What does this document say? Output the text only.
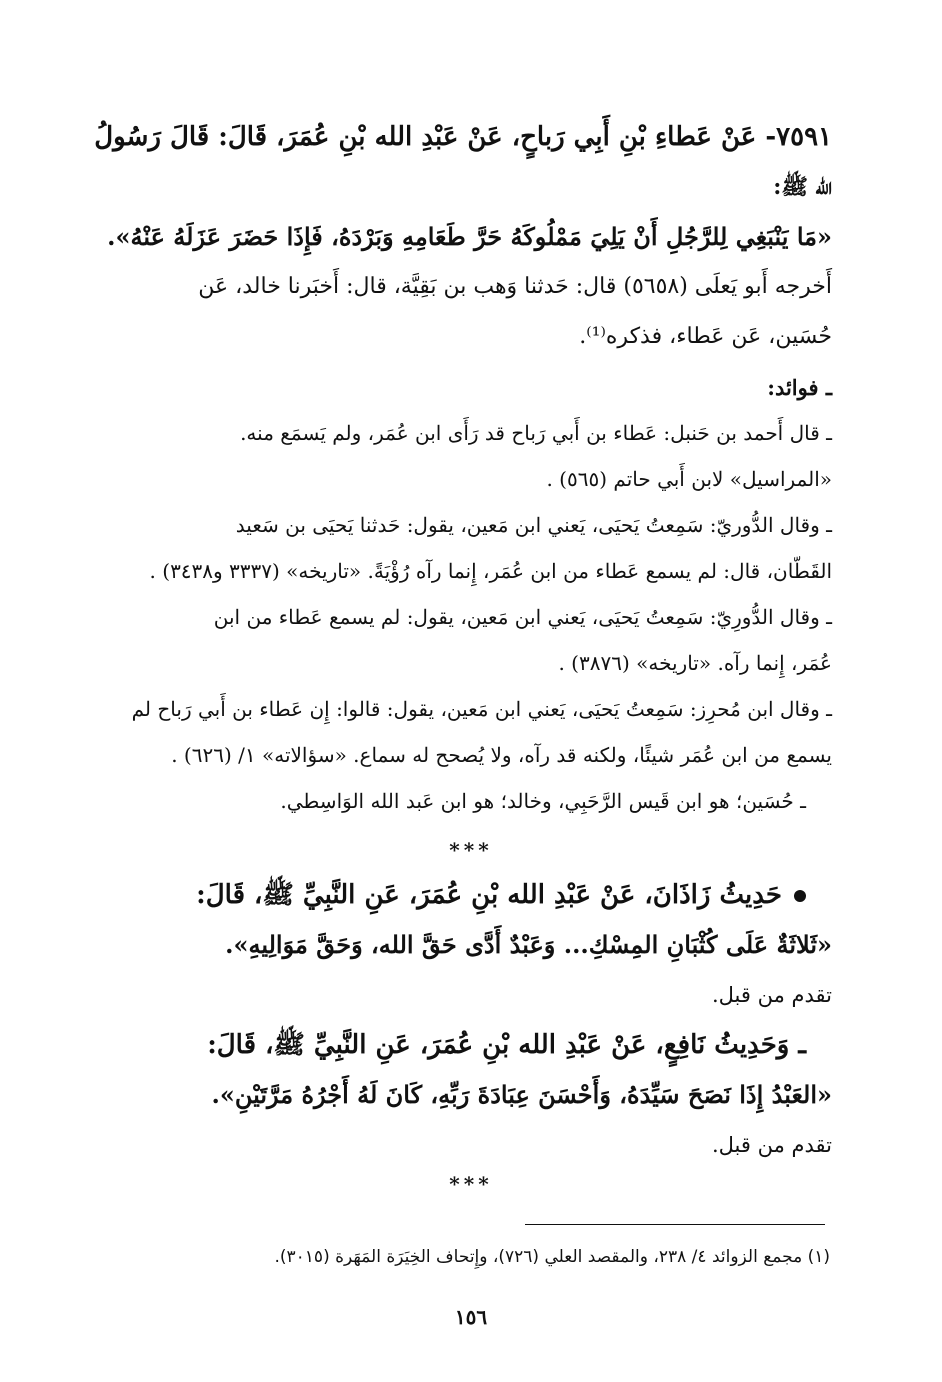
٧٥٩١- عَنْ عَطاءِ بْنِ أَبِي رَباحٍ، عَنْ عَبْدِ الله بْنِ عُمَرَ، قَالَ: قَالَ رَسُولُ
الله ﷺ:
«مَا يَنْبَغِي لِلرَّجُلِ أَنْ يَلِيَ مَمْلُوكَهُ حَرَّ طَعَامِهِ وَبَرْدَهُ، فَإِذَا حَضَرَ عَزَلَهُ عَنْهُ».
أَخرجه أَبو يَعلَى (٥٦٥٨) قال: حَدثنا وَهب بن بَقِيَّة، قال: أَخبَرنا خالد، عَن
حُسَين، عَن عَطاء، فذكره⁽¹⁾.
ـ فوائد:
ـ قال أَحمد بن حَنبل: عَطاء بن أَبي رَباح قد رَأَى ابن عُمَر، ولم يَسمَع منه.
«المراسيل» لابن أَبي حاتم (٥٦٥) .
ـ وقال الدُّوريّ: سَمِعتُ يَحيَى، يَعني ابن مَعين، يقول: حَدثنا يَحيَى بن سَعيد
القَطّان، قال: لم يسمع عَطاء من ابن عُمَر، إِنما رآه رُؤْيَةً. «تاريخه» (٣٣٣٧ و٣٤٣٨) .
ـ وقال الدُّورِيّ: سَمِعتُ يَحيَى، يَعني ابن مَعين، يقول: لم يسمع عَطاء من ابن
عُمَر، إِنما رآه. «تاريخه» (٣٨٧٦) .
ـ وقال ابن مُحرِز: سَمِعتُ يَحيَى، يَعني ابن مَعين، يقول: قالوا: إِن عَطاء بن أَبي رَباح لم
يسمع من ابن عُمَر شيئًا، ولكنه قد رآه، ولا يُصحح له سماع. «سؤالاته» ١/ (٦٢٦) .
ـ حُسَين؛ هو ابن قَيس الرَّحَبِي، وخالد؛ هو ابن عَبد الله الوَاسِطي.
***
حَدِيثُ زَاذَانَ، عَنْ عَبْدِ الله بْنِ عُمَرَ، عَنِ النَّبِيِّ ﷺ، قَالَ:
«ثَلاثَةٌ عَلَى كُثْبَانِ المِسْكِ... وَعَبْدٌ أَدَّى حَقَّ الله، وَحَقَّ مَوَالِيهِ».
تقدم من قبل.
ـ وَحَدِيثُ نَافِعٍ، عَنْ عَبْدِ الله بْنِ عُمَرَ، عَنِ النَّبِيِّ ﷺ، قَالَ:
«العَبْدُ إِذَا نَصَحَ سَيِّدَهُ، وَأَحْسَنَ عِبَادَةَ رَبِّهِ، كَانَ لَهُ أَجْرُهُ مَرَّتَيْنِ».
تقدم من قبل.
***
(١) مجمع الزوائد ٤/ ٢٣٨، والمقصد العلي (٧٢٦)، وإِتحاف الخِيَرَة المَهَرة (٣٠١٥).
١٥٦
